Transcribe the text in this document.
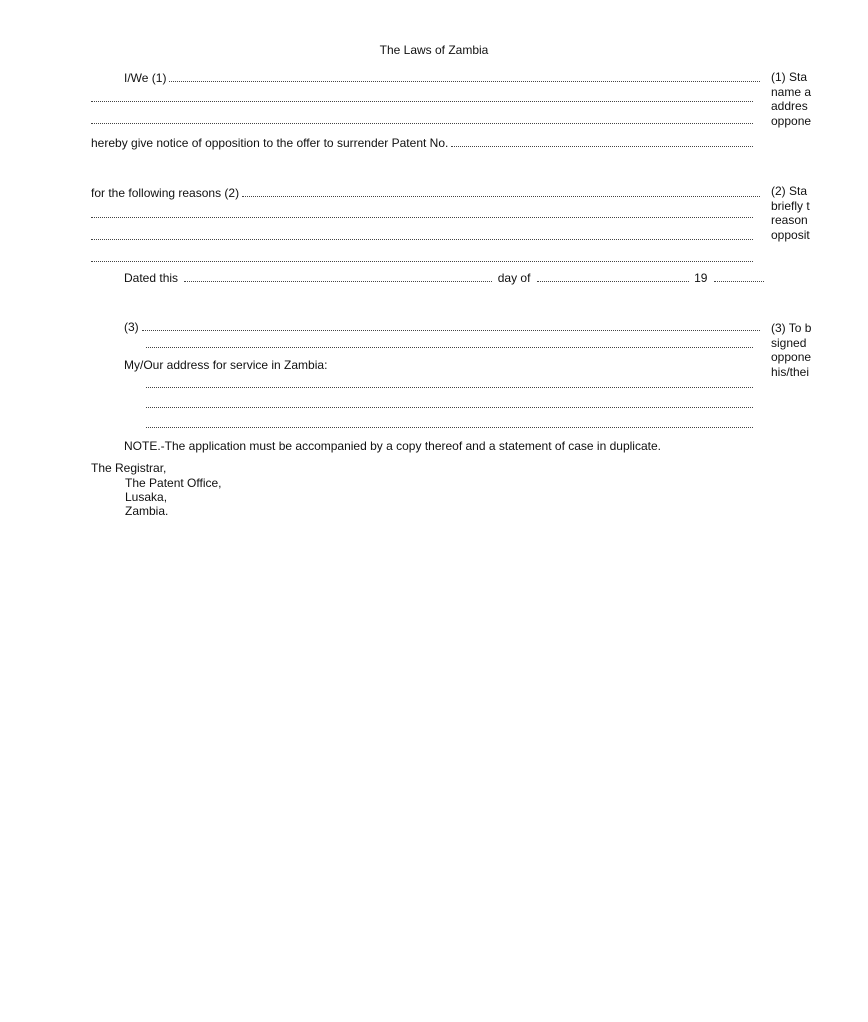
The Laws of Zambia
I/We (1)	(1) Sta
name a
addres
oppone
hereby give notice of opposition to the offer to surrender Patent No.
for the following reasons (2)	(2) Sta
briefly t
reason
opposit
Dated this	day of	19
(3)	(3) To b
signed
oppone
his/thei
My/Our address for service in Zambia:
NOTE.-The application must be accompanied by a copy thereof and a statement of case in duplicate.
The Registrar,
The Patent Office,
Lusaka,
Zambia.
